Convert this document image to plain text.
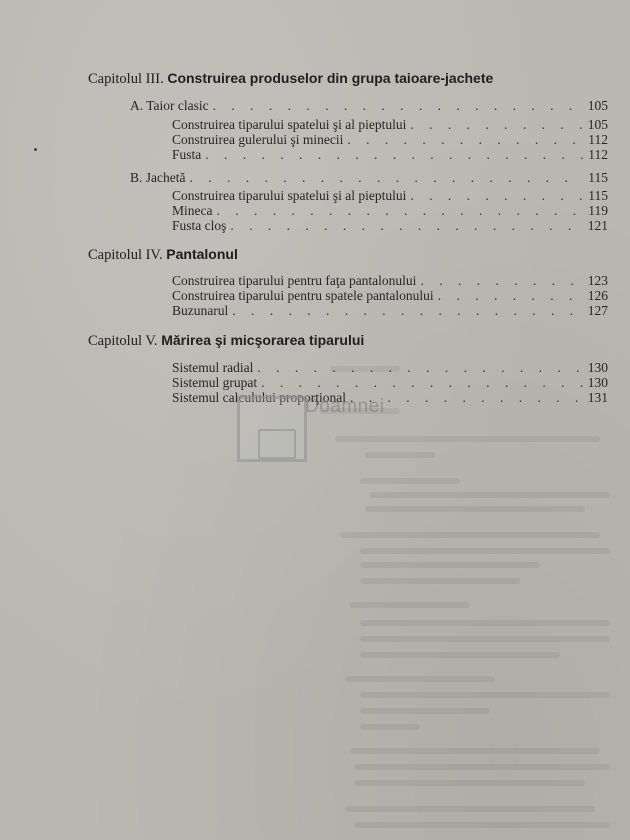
Capitolul III. Construirea produselor din grupa taioare-jachete
A. Taior clasic . . .	105
Construirea tiparului spatelui şi al pieptului . . .	105
Construirea gulerului şi minecii . . .	112
Fusta . . .	112
B. Jachetă . . .	115
Construirea tiparului spatelui şi al pieptului . . .	115
Mineca . . .	119
Fusta cloş . . .	121
Capitolul IV. Pantalonul
Construirea tiparului pentru faţa pantalonului . . .	123
Construirea tiparului pentru spatele pantalonului . . .	126
Buzunarul . . .	127
Capitolul V. Mărirea şi micşorarea tiparului
Sistemul radial . . .	130
Sistemul grupat . . .	130
Sistemul calculului proporţional . . .	131
Doamnei
